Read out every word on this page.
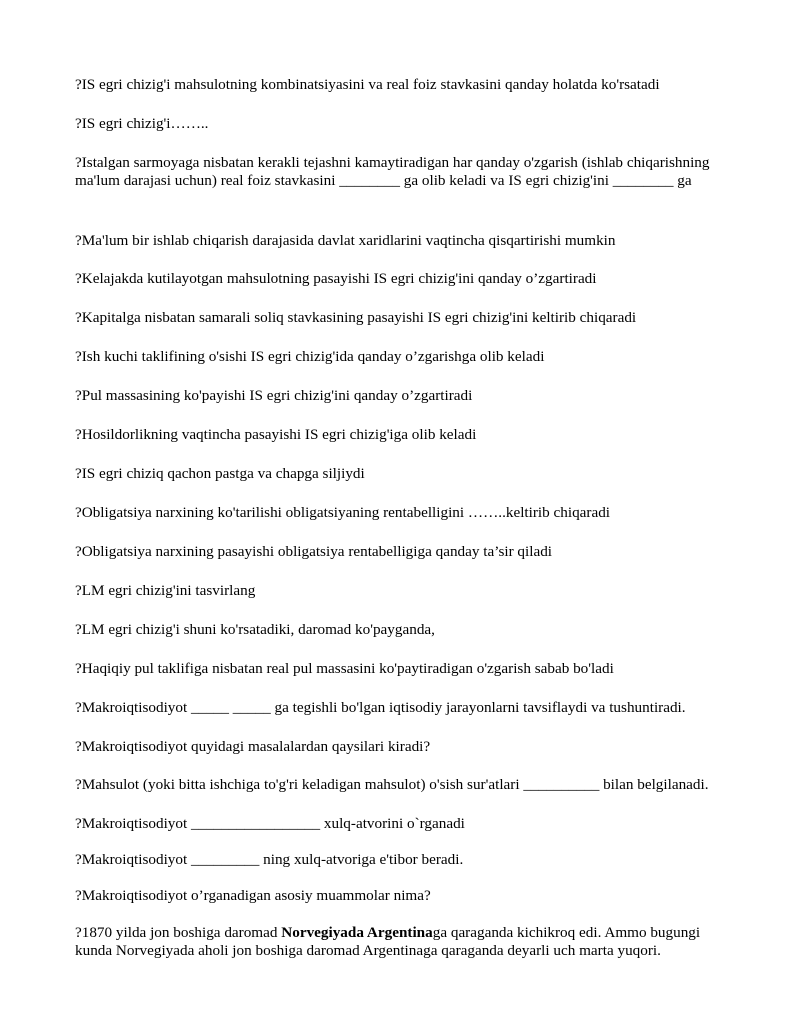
?IS egri chizig'i mahsulotning kombinatsiyasini va real foiz stavkasini qanday holatda ko'rsatadi

?IS egri chizig'i……..

?Istalgan sarmoyaga nisbatan kerakli tejashni kamaytiradigan har qanday o'zgarish (ishlab chiqarishning ma'lum darajasi uchun) real foiz stavkasini ________ ga olib keladi va IS egri chizig'ini ________ ga

?Ma'lum bir ishlab chiqarish darajasida davlat xaridlarini vaqtincha qisqartirishi mumkin

?Kelajakda kutilayotgan mahsulotning pasayishi IS egri chizig'ini qanday o’zgartiradi

?Kapitalga nisbatan samarali soliq stavkasining pasayishi IS egri chizig'ini keltirib chiqaradi

?Ish kuchi taklifining o'sishi IS egri chizig'ida qanday o’zgarishga olib keladi

?Pul massasining ko'payishi IS egri chizig'ini qanday o’zgartiradi

?Hosildorlikning vaqtincha pasayishi IS egri chizig'iga olib keladi

?IS egri chiziq qachon pastga va chapga siljiydi

?Obligatsiya narxining ko'tarilishi obligatsiyaning rentabelligini ……..keltirib chiqaradi

?Obligatsiya narxining pasayishi obligatsiya rentabelligiga qanday ta’sir qiladi

?LM egri chizig'ini tasvirlang

?LM egri chizig'i shuni ko'rsatadiki, daromad ko'payganda,

?Haqiqiy pul taklifiga nisbatan real pul massasini ko'paytiradigan o'zgarish sabab bo'ladi

?Makroiqtisodiyot _____ _____ ga tegishli bo'lgan iqtisodiy jarayonlarni tavsiflaydi va tushuntiradi.

?Makroiqtisodiyot quyidagi masalalardan qaysilari kiradi?

?Mahsulot (yoki bitta ishchiga to'g'ri keladigan mahsulot) o'sish sur'atlari __________ bilan belgilanadi.

?Makroiqtisodiyot _________________ xulq-atvorini o`rganadi

?Makroiqtisodiyot _________ ning xulq-atvoriga e'tibor beradi.

?Makroiqtisodiyot o’rganadigan asosiy muammolar nima?

?1870 yilda jon boshiga daromad Norvegiyada Argentinaga qaraganda kichikroq edi. Ammo bugungi kunda Norvegiyada aholi jon boshiga daromad Argentinaga qaraganda deyarli uch marta yuqori.
